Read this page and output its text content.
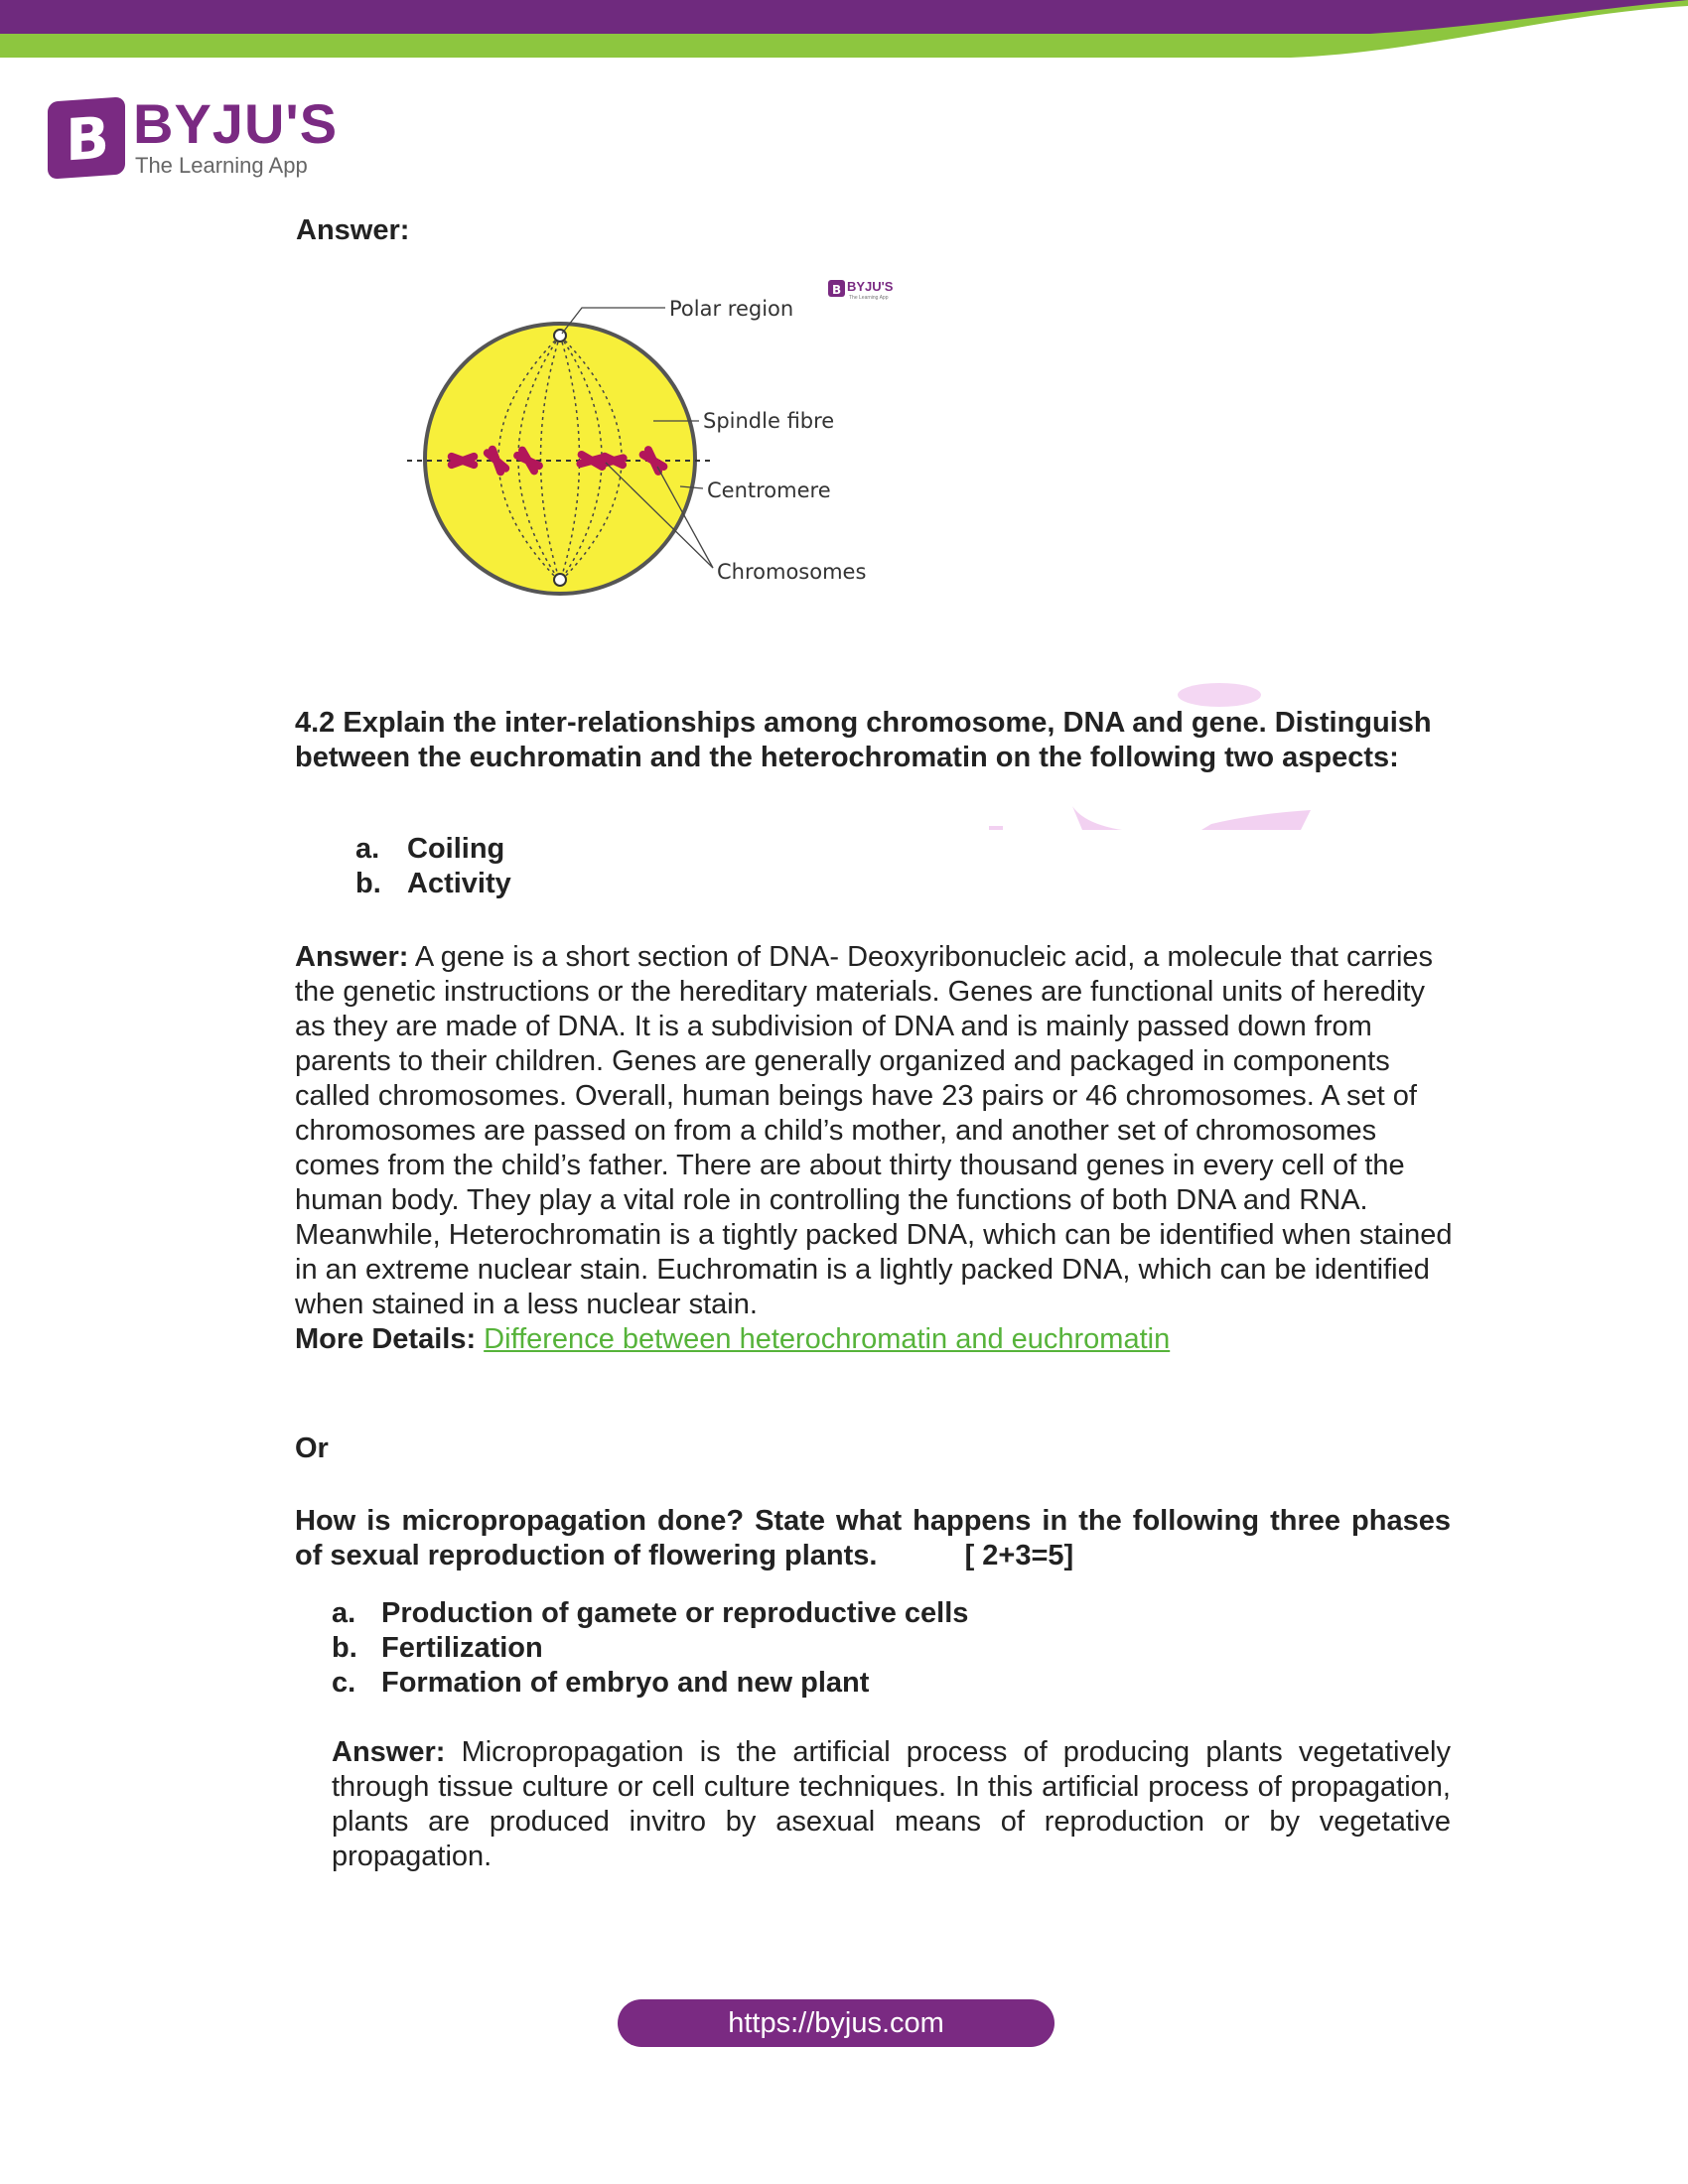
B BYJU'S
The Learning App
Answer:
Polar region
Spindle fibre
Centromere
Chromosomes
B BYJU'S
The Learning App
4.2 Explain the inter-relationships among chromosome, DNA and gene. Distinguish between the euchromatin and the heterochromatin on the following two aspects:
a. Coiling
b. Activity
Answer: A gene is a short section of DNA- Deoxyribonucleic acid, a molecule that carries the genetic instructions or the hereditary materials. Genes are functional units of heredity as they are made of DNA. It is a subdivision of DNA and is mainly passed down from parents to their children. Genes are generally organized and packaged in components called chromosomes. Overall, human beings have 23 pairs or 46 chromosomes. A set of chromosomes are passed on from a child’s mother, and another set of chromosomes comes from the child’s father. There are about thirty thousand genes in every cell of the human body. They play a vital role in controlling the functions of both DNA and RNA.
Meanwhile, Heterochromatin is a tightly packed DNA, which can be identified when stained in an extreme nuclear stain. Euchromatin is a lightly packed DNA, which can be identified when stained in a less nuclear stain.
More Details: Difference between heterochromatin and euchromatin
Or
How is micropropagation done? State what happens in the following three phases of sexual reproduction of flowering plants.	[ 2+3=5]
a. Production of gamete or reproductive cells
b. Fertilization
c. Formation of embryo and new plant
Answer: Micropropagation is the artificial process of producing plants vegetatively through tissue culture or cell culture techniques. In this artificial process of propagation, plants are produced invitro by asexual means of reproduction or by vegetative propagation.
https://byjus.com
